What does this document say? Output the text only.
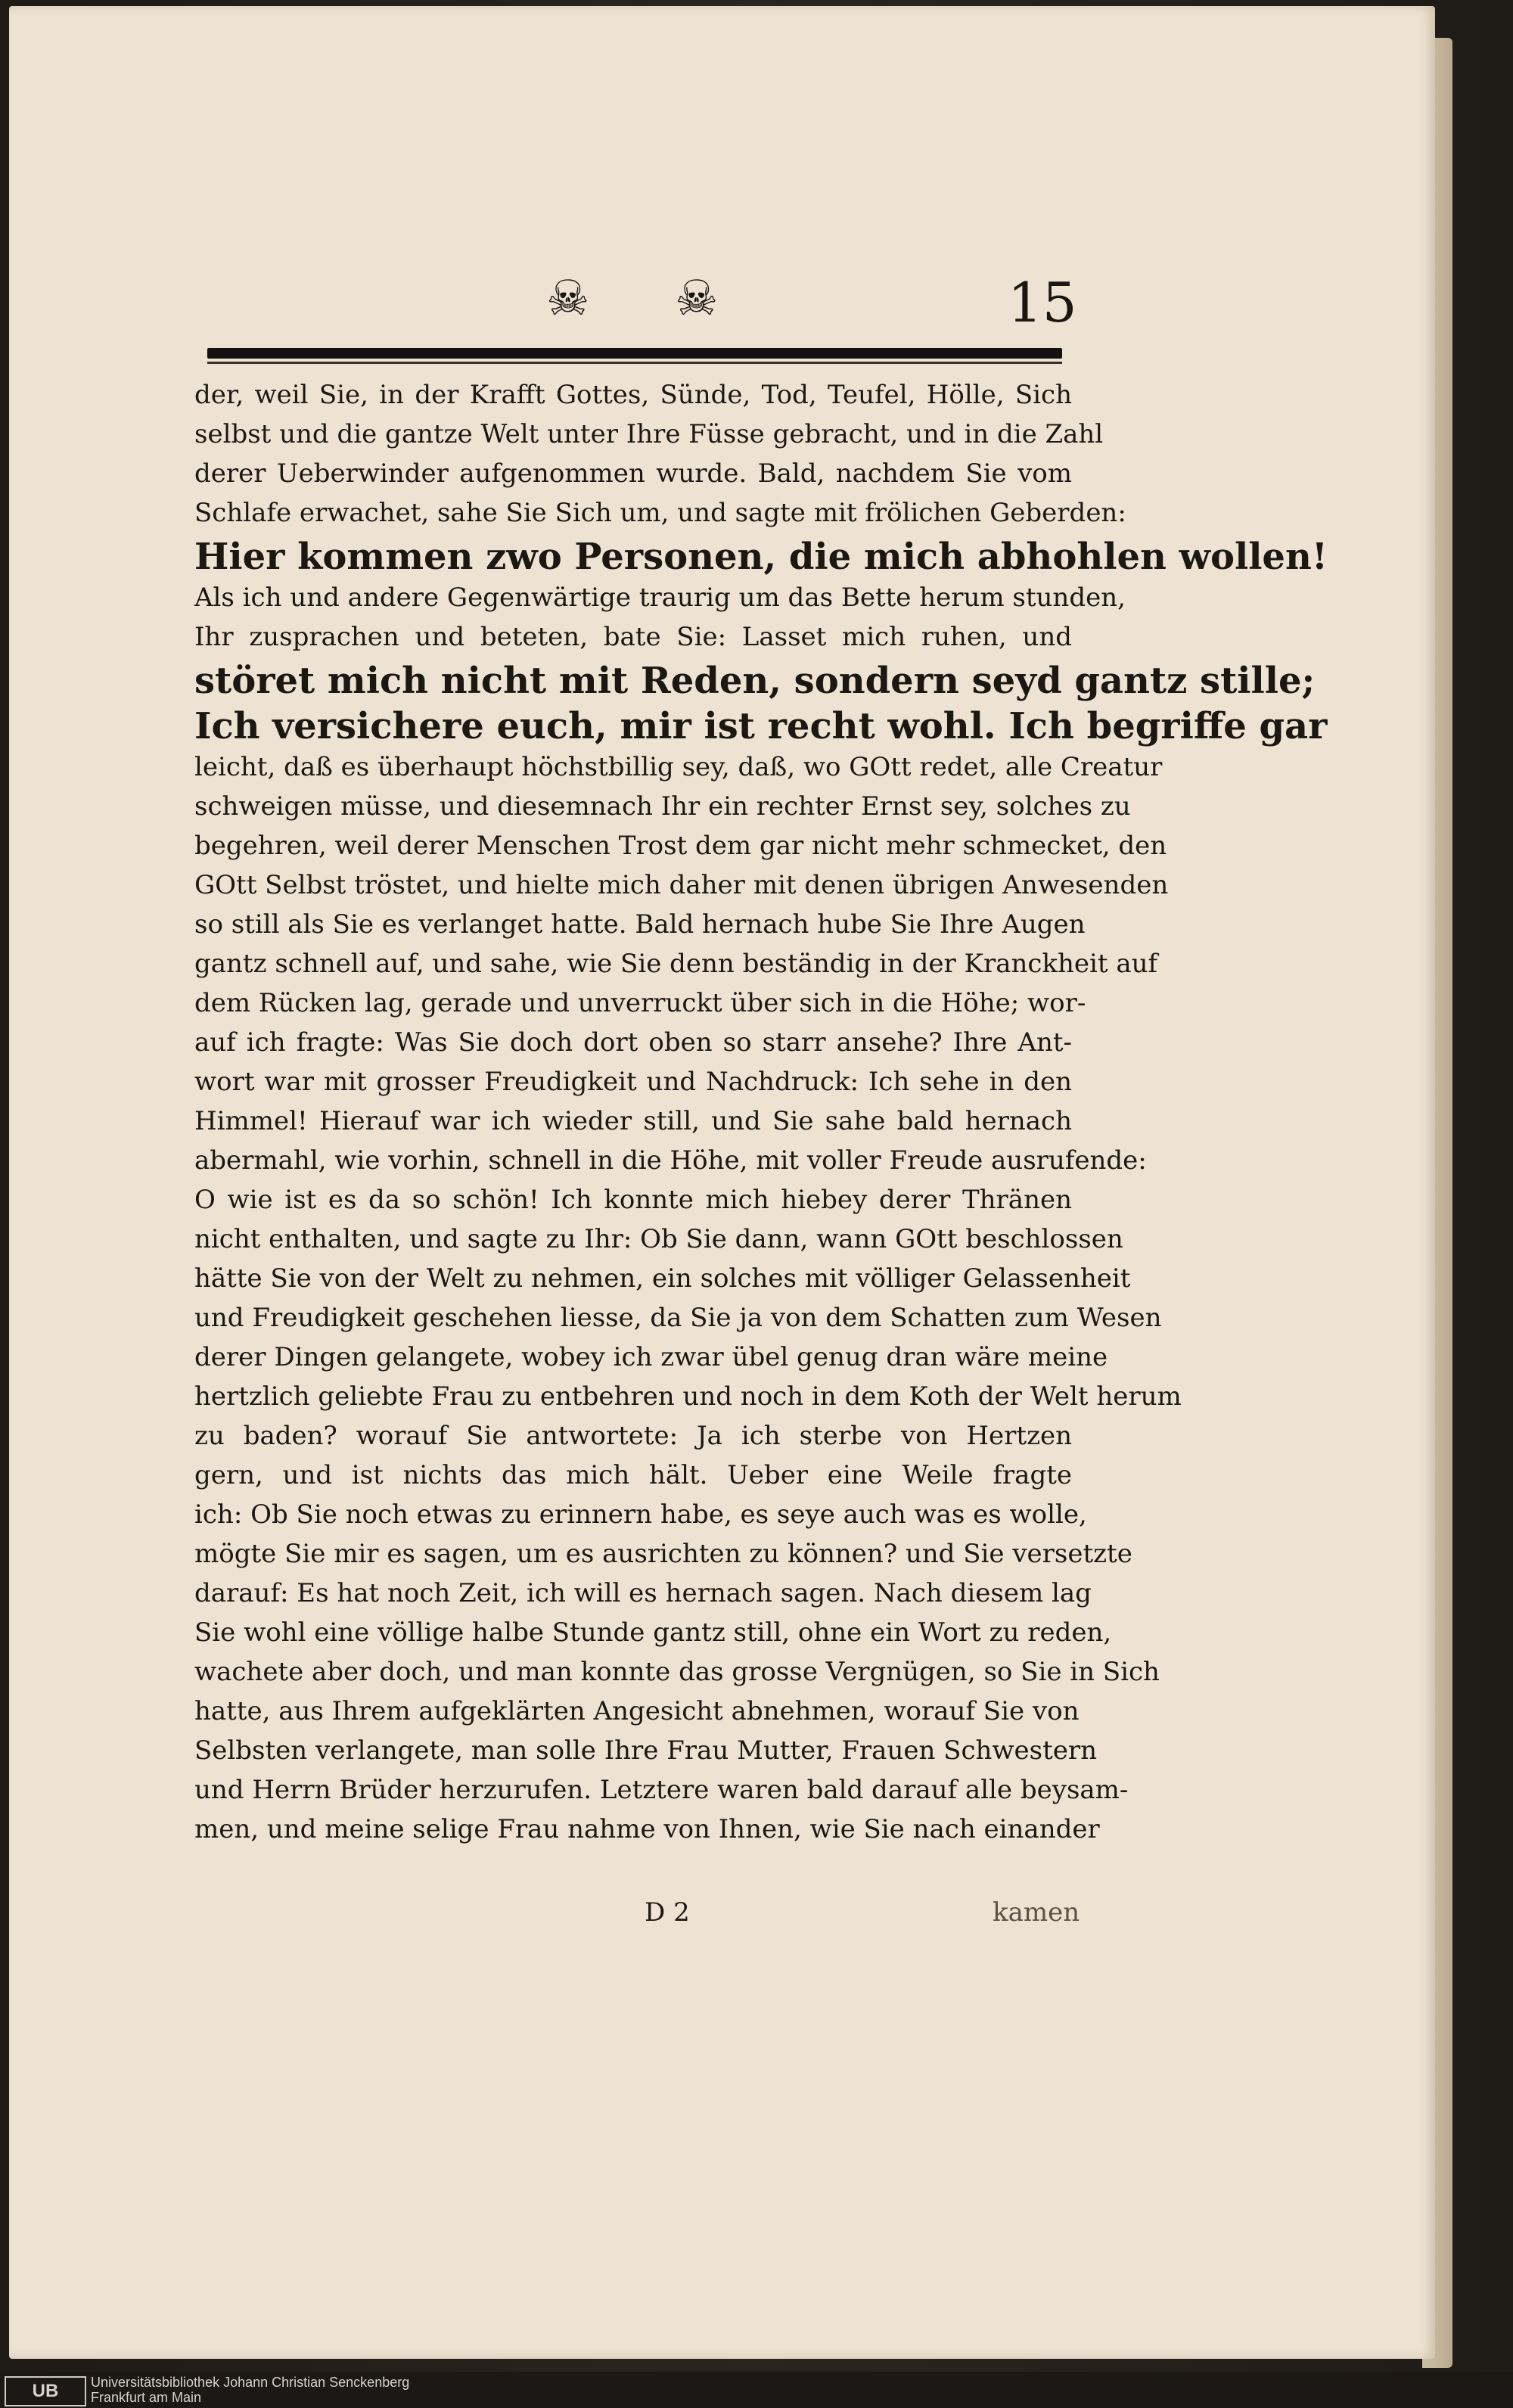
☠ ☠	15
der, weil Sie, in der Krafft Gottes, Sünde, Tod, Teufel, Hölle, Sich
selbst und die gantze Welt unter Ihre Füsse gebracht, und in die Zahl
derer Ueberwinder aufgenommen wurde. Bald, nachdem Sie vom
Schlafe erwachet, sahe Sie Sich um, und sagte mit frölichen Geberden:
Hier kommen zwo Personen, die mich abhohlen wollen!
Als ich und andere Gegenwärtige traurig um das Bette herum stunden,
Ihr zusprachen und beteten, bate Sie: Lasset mich ruhen, und
störet mich nicht mit Reden, sondern seyd gantz stille;
Ich versichere euch, mir ist recht wohl. Ich begriffe gar
leicht, daß es überhaupt höchstbillig sey, daß, wo GOtt redet, alle Creatur
schweigen müsse, und diesemnach Ihr ein rechter Ernst sey, solches zu
begehren, weil derer Menschen Trost dem gar nicht mehr schmecket, den
GOtt Selbst tröstet, und hielte mich daher mit denen übrigen Anwesenden
so still als Sie es verlanget hatte. Bald hernach hube Sie Ihre Augen
gantz schnell auf, und sahe, wie Sie denn beständig in der Kranckheit auf
dem Rücken lag, gerade und unverruckt über sich in die Höhe; wor-
auf ich fragte: Was Sie doch dort oben so starr ansehe? Ihre Ant-
wort war mit grosser Freudigkeit und Nachdruck: Ich sehe in den
Himmel! Hierauf war ich wieder still, und Sie sahe bald hernach
abermahl, wie vorhin, schnell in die Höhe, mit voller Freude ausrufende:
O wie ist es da so schön! Ich konnte mich hiebey derer Thränen
nicht enthalten, und sagte zu Ihr: Ob Sie dann, wann GOtt beschlossen
hätte Sie von der Welt zu nehmen, ein solches mit völliger Gelassenheit
und Freudigkeit geschehen liesse, da Sie ja von dem Schatten zum Wesen
derer Dingen gelangete, wobey ich zwar übel genug dran wäre meine
hertzlich geliebte Frau zu entbehren und noch in dem Koth der Welt herum
zu baden? worauf Sie antwortete: Ja ich sterbe von Hertzen
gern, und ist nichts das mich hält. Ueber eine Weile fragte
ich: Ob Sie noch etwas zu erinnern habe, es seye auch was es wolle,
mögte Sie mir es sagen, um es ausrichten zu können? und Sie versetzte
darauf: Es hat noch Zeit, ich will es hernach sagen. Nach diesem lag
Sie wohl eine völlige halbe Stunde gantz still, ohne ein Wort zu reden,
wachete aber doch, und man konnte das grosse Vergnügen, so Sie in Sich
hatte, aus Ihrem aufgeklärten Angesicht abnehmen, worauf Sie von
Selbsten verlangete, man solle Ihre Frau Mutter, Frauen Schwestern
und Herrn Brüder herzurufen. Letztere waren bald darauf alle beysam-
men, und meine selige Frau nahme von Ihnen, wie Sie nach einander
D 2	kamen
UB	Universitätsbibliothek Johann Christian Senckenberg
Frankfurt am Main
